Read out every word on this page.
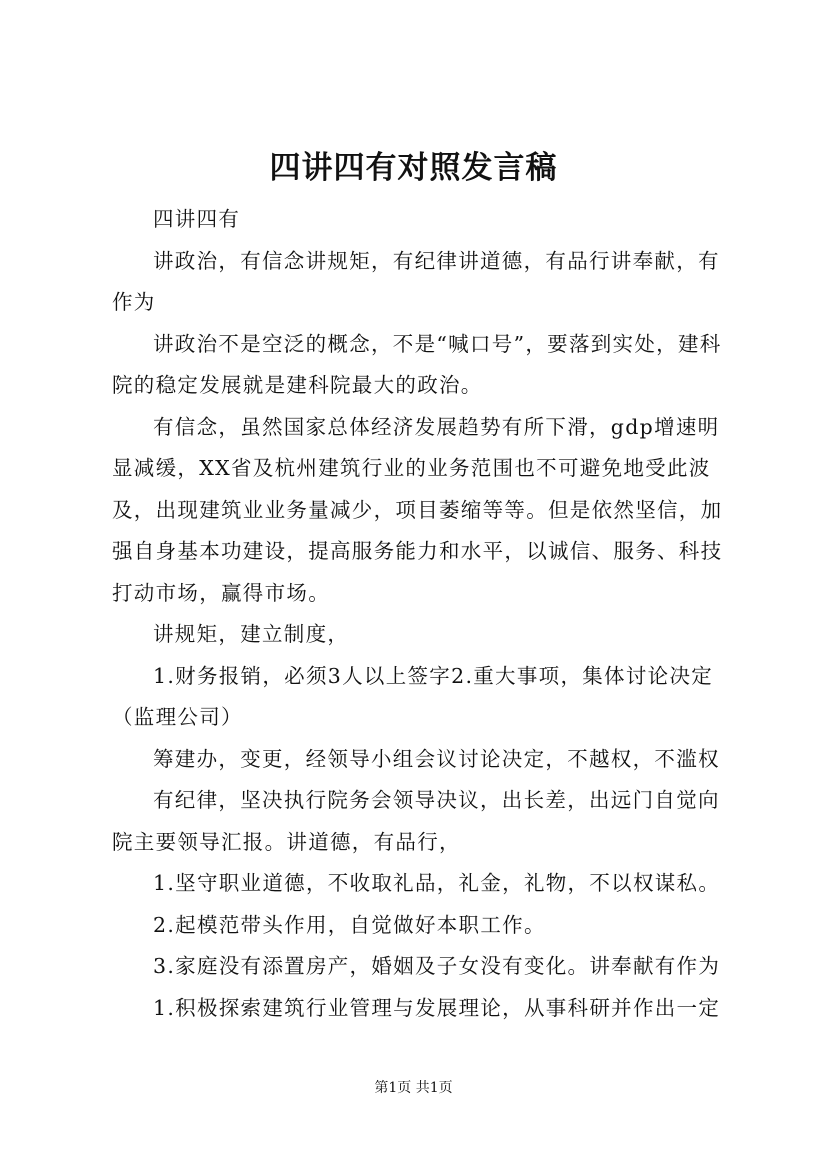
四讲四有对照发言稿

四讲四有

讲政治，有信念讲规矩，有纪律讲道德，有品行讲奉献，有作为

讲政治不是空泛的概念，不是“喊口号”，要落到实处，建科院的稳定发展就是建科院最大的政治。

有信念，虽然国家总体经济发展趋势有所下滑，gdp增速明显减缓，XX省及杭州建筑行业的业务范围也不可避免地受此波及，出现建筑业业务量减少，项目萎缩等等。但是依然坚信，加强自身基本功建设，提高服务能力和水平，以诚信、服务、科技打动市场，赢得市场。

讲规矩，建立制度，

1.财务报销，必须3人以上签字2.重大事项，集体讨论决定（监理公司）

筹建办，变更，经领导小组会议讨论决定，不越权，不滥权

有纪律，坚决执行院务会领导决议，出长差，出远门自觉向院主要领导汇报。讲道德，有品行，

1.坚守职业道德，不收取礼品，礼金，礼物，不以权谋私。

2.起模范带头作用，自觉做好本职工作。

3.家庭没有添置房产，婚姻及子女没有变化。讲奉献有作为

1.积极探索建筑行业管理与发展理论，从事科研并作出一定

第1页 共1页
